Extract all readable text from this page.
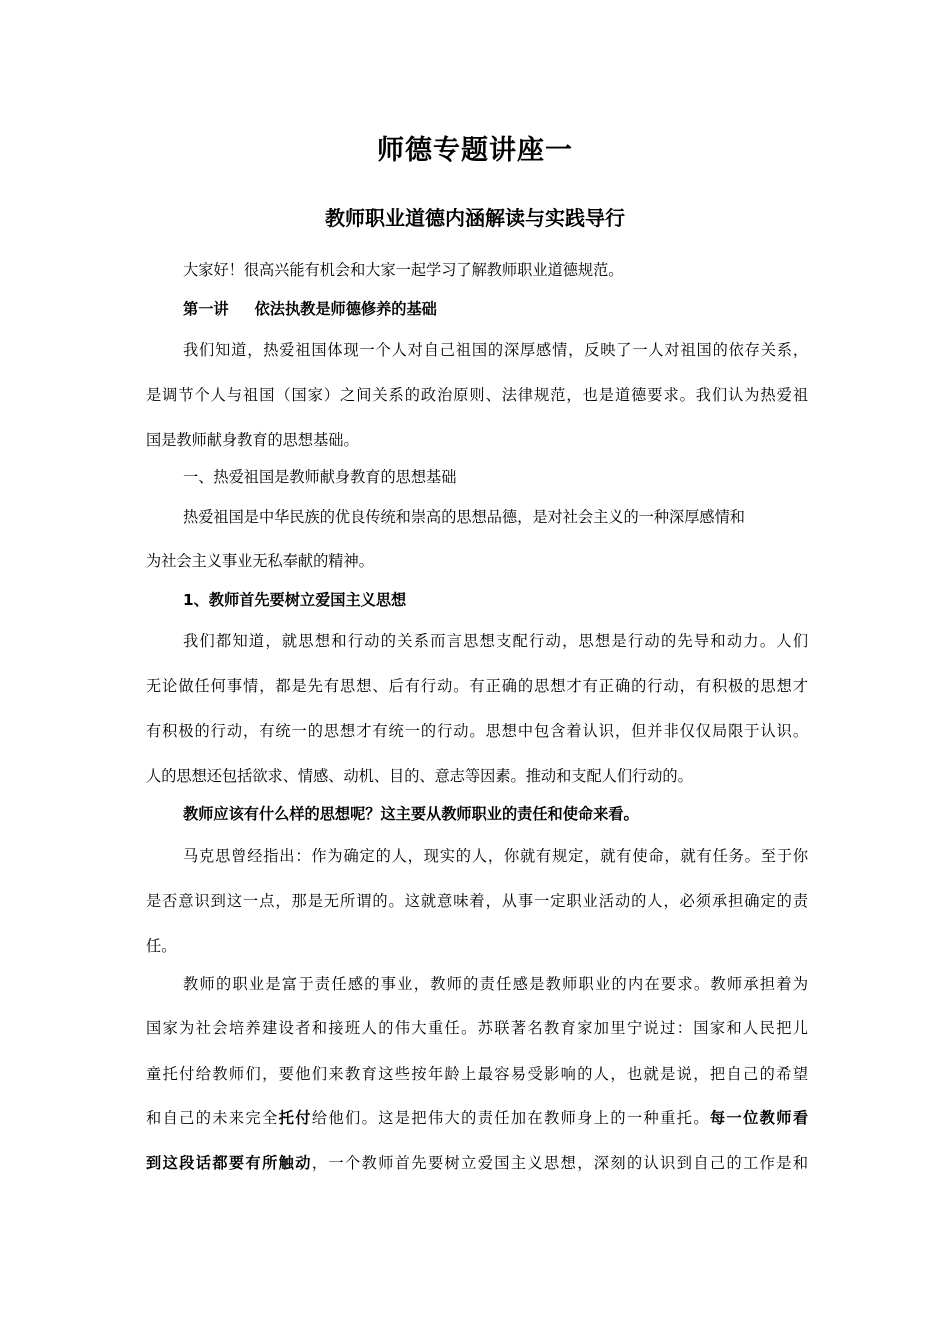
师德专题讲座一
教师职业道德内涵解读与实践导行
大家好！很高兴能有机会和大家一起学习了解教师职业道德规范。
第一讲 依法执教是师德修养的基础
我们知道，热爱祖国体现一个人对自己祖国的深厚感情，反映了一人对祖国的依存关系，
是调节个人与祖国（国家）之间关系的政治原则、法律规范，也是道德要求。我们认为热爱祖
国是教师献身教育的思想基础。
一、热爱祖国是教师献身教育的思想基础
热爱祖国是中华民族的优良传统和崇高的思想品德，是对社会主义的一种深厚感情和
为社会主义事业无私奉献的精神。
1、教师首先要树立爱国主义思想
我们都知道，就思想和行动的关系而言思想支配行动，思想是行动的先导和动力。人们
无论做任何事情，都是先有思想、后有行动。有正确的思想才有正确的行动，有积极的思想才
有积极的行动，有统一的思想才有统一的行动。思想中包含着认识，但并非仅仅局限于认识。
人的思想还包括欲求、情感、动机、目的、意志等因素。推动和支配人们行动的。
教师应该有什么样的思想呢？这主要从教师职业的责任和使命来看。
马克思曾经指出：作为确定的人，现实的人，你就有规定，就有使命，就有任务。至于你
是否意识到这一点，那是无所谓的。这就意味着，从事一定职业活动的人，必须承担确定的责
任。
教师的职业是富于责任感的事业，教师的责任感是教师职业的内在要求。教师承担着为
国家为社会培养建设者和接班人的伟大重任。苏联著名教育家加里宁说过：国家和人民把儿
童托付给教师们，要他们来教育这些按年龄上最容易受影响的人，也就是说，把自己的希望
和自己的未来完全托付给他们。这是把伟大的责任加在教师身上的一种重托。每一位教师看
到这段话都要有所触动，一个教师首先要树立爱国主义思想，深刻的认识到自己的工作是和
